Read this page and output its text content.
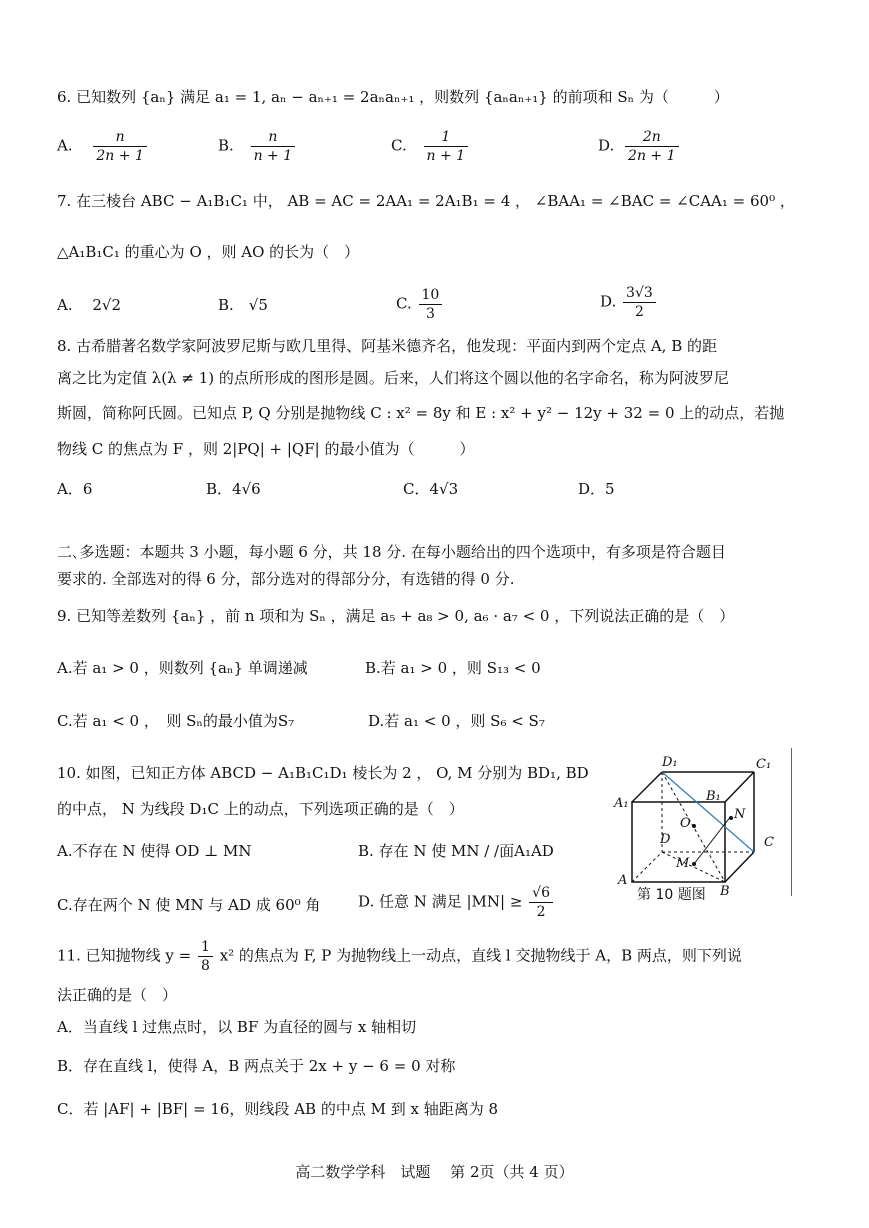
6. 已知数列 {aₙ} 满足 a₁ = 1, aₙ − aₙ₊₁ = 2aₙaₙ₊₁ ，则数列 {aₙaₙ₊₁} 的前项和 Sₙ 为（　　　）
A. $\frac{n}{2n + 1}$	B. $\frac{n}{n + 1}$	C. $\frac{1}{n + 1}$	D. $\frac{2n}{2n + 1}$
7. 在三棱台 ABC − A₁B₁C₁ 中， AB = AC = 2AA₁ = 2A₁B₁ = 4 ， ∠BAA₁ = ∠BAC = ∠CAA₁ = 60⁰ ，
△A₁B₁C₁ 的重心为 O ，则 AO 的长为（　）
A.　 2√2	B.　√5	C. $\frac{10}{3}$	D. $\frac{3√3}{2}$
8. 古希腊著名数学家阿波罗尼斯与欧几里得、阿基米德齐名，他发现：平面内到两个定点 A, B 的距
离之比为定值 λ(λ ≠ 1) 的点所形成的图形是圆。后来，人们将这个圆以他的名字命名，称为阿波罗尼
斯圆，简称阿氏圆。已知点 P, Q 分别是抛物线 C : x² = 8y 和 E : x² + y² − 12y + 32 = 0 上的动点，若抛
物线 C 的焦点为 F ，则 2|PQ| + |QF| 的最小值为（　　　）
A．6	B．4√6	C．4√3	D．5
二､多选题：本题共 3 小题，每小题 6 分，共 18 分. 在每小题给出的四个选项中，有多项是符合题目
要求的. 全部选对的得 6 分，部分选对的得部分分，有选错的得 0 分.
9. 已知等差数列 {aₙ} ，前 n 项和为 Sₙ ，满足 a₅ + a₈ > 0, a₆ · a₇ < 0 ，下列说法正确的是（　）
A.若 a₁ > 0 ，则数列 {aₙ} 单调递减	B.若 a₁ > 0 ，则 S₁₃ < 0
C.若 a₁ < 0 ，　则 Sₙ的最小值为S₇	D.若 a₁ < 0 ，则 S₆ < S₇
10. 如图，已知正方体 ABCD − A₁B₁C₁D₁ 棱长为 2 ， O, M 分别为 BD₁, BD
的中点， N 为线段 D₁C 上的动点，下列选项正确的是（　）
A.不存在 N 使得 OD ⊥ MN	B. 存在 N 使 MN / /面A₁AD
C.存在两个 N 使 MN 与 AD 成 60⁰ 角	D. 任意 N 满足 $|MN| \ge \frac{√6}{2}$
D₁	C₁
A₁	B₁
N
O
D	C
M
A
B
第 10 题图
11. 已知抛物线 $y = \frac{1}{8} x^2$ 的焦点为 F, P 为抛物线上一动点，直线 l 交抛物线于 A，B 两点，则下列说
法正确的是（　）
A．当直线 l 过焦点时，以 BF 为直径的圆与 x 轴相切
B．存在直线 l，使得 A，B 两点关于 2x + y − 6 = 0 对称
C．若 |AF| + |BF| = 16，则线段 AB 的中点 M 到 x 轴距离为 8
高二数学学科　试题　 第 2页（共 4 页）
